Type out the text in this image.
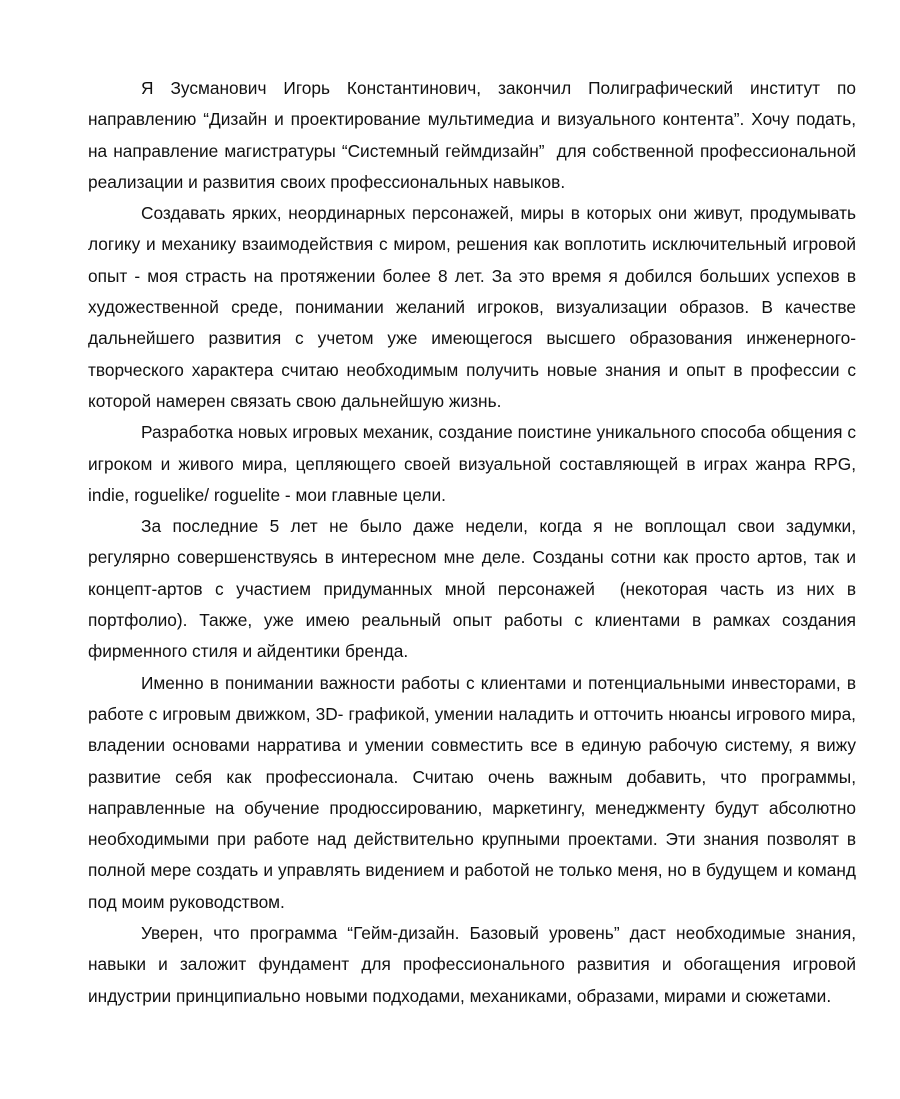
Я Зусманович Игорь Константинович, закончил Полиграфический институт по направлению “Дизайн и проектирование мультимедиа и визуального контента”. Хочу подать, на направление магистратуры “Системный геймдизайн”  для собственной профессиональной реализации и развития своих профессиональных навыков.

Создавать ярких, неординарных персонажей, миры в которых они живут, продумывать логику и механику взаимодействия с миром, решения как воплотить исключительный игровой опыт - моя страсть на протяжении более 8 лет. За это время я добился больших успехов в художественной среде, понимании желаний игроков, визуализации образов. В качестве дальнейшего развития с учетом уже имеющегося высшего образования инженерного-творческого характера считаю необходимым получить новые знания и опыт в профессии с которой намерен связать свою дальнейшую жизнь.

Разработка новых игровых механик, создание поистине уникального способа общения с игроком и живого мира, цепляющего своей визуальной составляющей в играх жанра RPG, indie, roguelike/ roguelite - мои главные цели.

За последние 5 лет не было даже недели, когда я не воплощал свои задумки, регулярно совершенствуясь в интересном мне деле. Созданы сотни как просто артов, так и концепт-артов с участием придуманных мной персонажей  (некоторая часть из них в портфолио). Также, уже имею реальный опыт работы с клиентами в рамках создания фирменного стиля и айдентики бренда.

Именно в понимании важности работы с клиентами и потенциальными инвесторами, в работе с игровым движком, 3D- графикой, умении наладить и отточить нюансы игрового мира, владении основами нарратива и умении совместить все в единую рабочую систему, я вижу развитие себя как профессионала. Считаю очень важным добавить, что программы, направленные на обучение продюссированию, маркетингу, менеджменту будут абсолютно необходимыми при работе над действительно крупными проектами. Эти знания позволят в полной мере создать и управлять видением и работой не только меня, но в будущем и команд под моим руководством.

Уверен, что программа “Гейм-дизайн. Базовый уровень” даст необходимые знания, навыки и заложит фундамент для профессионального развития и обогащения игровой индустрии принципиально новыми подходами, механиками, образами, мирами и сюжетами.
